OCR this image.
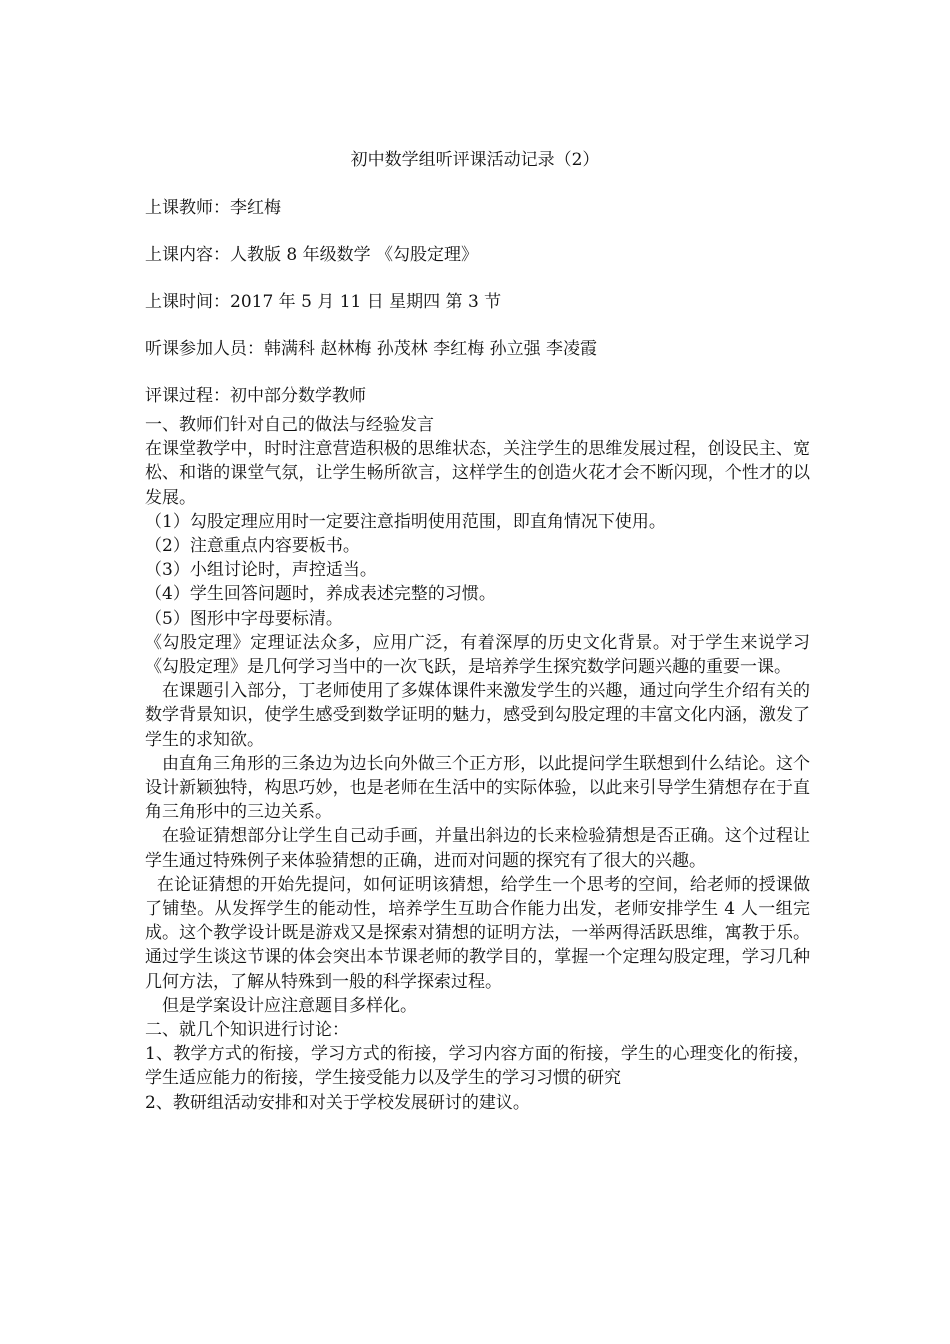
初中数学组听评课活动记录（2）
上课教师：李红梅
上课内容：人教版 8 年级数学 《勾股定理》
上课时间：2017 年 5 月 11 日 星期四 第 3 节
听课参加人员：韩满科 赵林梅 孙茂林 李红梅 孙立强 李凌霞
评课过程：初中部分数学教师

一、教师们针对自己的做法与经验发言

在课堂教学中，时时注意营造积极的思维状态，关注学生的思维发展过程，创设民主、宽松、和谐的课堂气氛，让学生畅所欲言，这样学生的创造火花才会不断闪现，个性才的以发展。

（1）勾股定理应用时一定要注意指明使用范围，即直角情况下使用。

（2）注意重点内容要板书。

（3）小组讨论时，声控适当。

（4）学生回答问题时，养成表述完整的习惯。

（5）图形中字母要标清。

《勾股定理》定理证法众多，应用广泛，有着深厚的历史文化背景。对于学生来说学习《勾股定理》是几何学习当中的一次飞跃，是培养学生探究数学问题兴趣的重要一课。

在课题引入部分，丁老师使用了多媒体课件来激发学生的兴趣，通过向学生介绍有关的数学背景知识，使学生感受到数学证明的魅力，感受到勾股定理的丰富文化内涵，激发了学生的求知欲。

由直角三角形的三条边为边长向外做三个正方形，以此提问学生联想到什么结论。这个设计新颖独特，构思巧妙，也是老师在生活中的实际体验，以此来引导学生猜想存在于直角三角形中的三边关系。

在验证猜想部分让学生自己动手画，并量出斜边的长来检验猜想是否正确。这个过程让学生通过特殊例子来体验猜想的正确，进而对问题的探究有了很大的兴趣。

在论证猜想的开始先提问，如何证明该猜想，给学生一个思考的空间，给老师的授课做了铺垫。从发挥学生的能动性，培养学生互助合作能力出发，老师安排学生 4 人一组完成。这个教学设计既是游戏又是探索对猜想的证明方法，一举两得活跃思维，寓教于乐。通过学生谈这节课的体会突出本节课老师的教学目的，掌握一个定理勾股定理，学习几种几何方法，了解从特殊到一般的科学探索过程。

但是学案设计应注意题目多样化。

二、就几个知识进行讨论：

1、教学方式的衔接，学习方式的衔接，学习内容方面的衔接，学生的心理变化的衔接，学生适应能力的衔接，学生接受能力以及学生的学习习惯的研究

2、教研组活动安排和对关于学校发展研讨的建议。
